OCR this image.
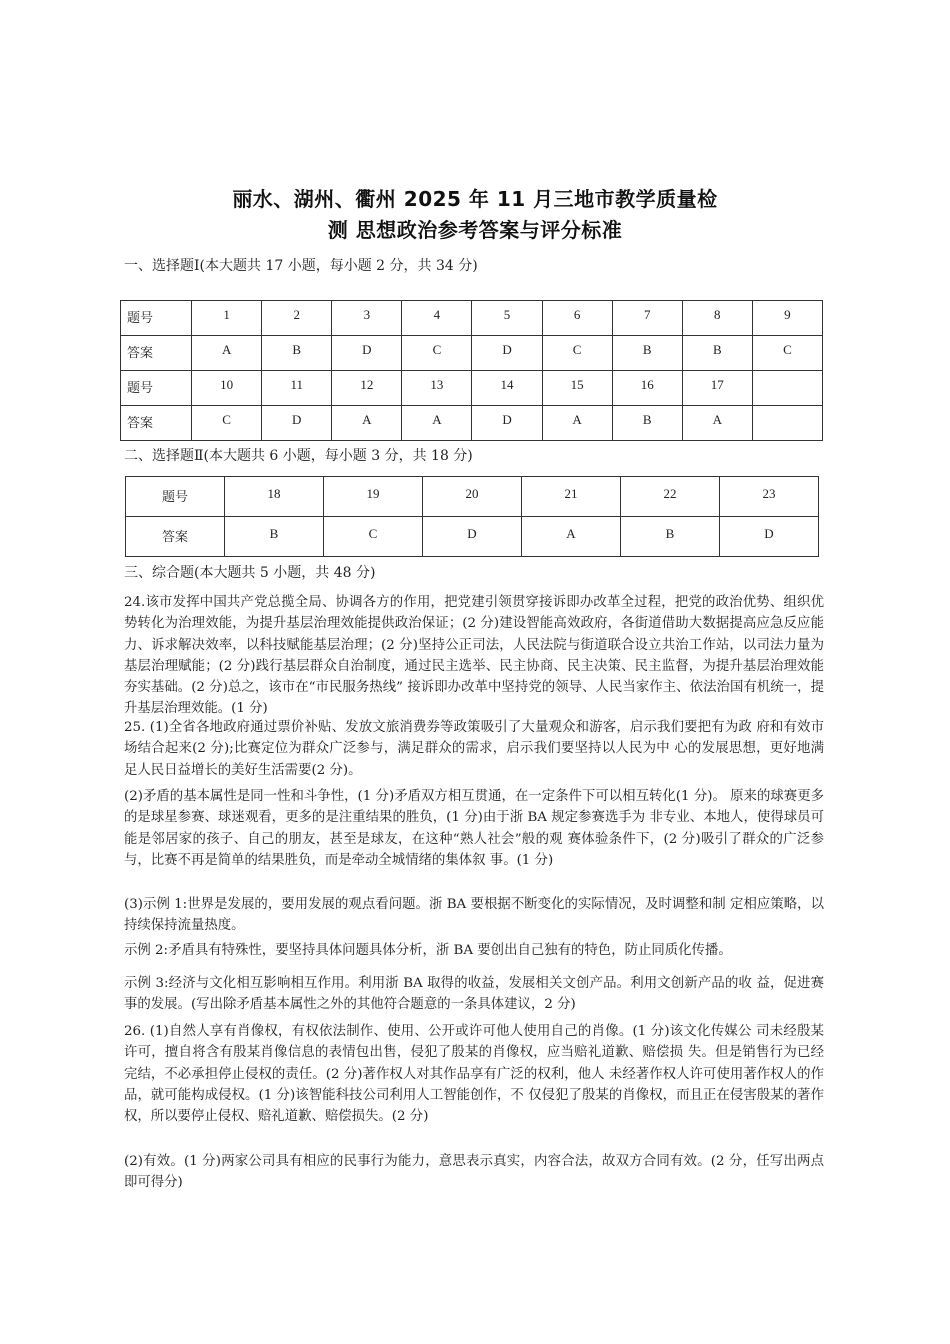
丽水、湖州、衢州 2025 年 11 月三地市教学质量检
测 思想政治参考答案与评分标准
一、选择题Ⅰ(本大题共 17 小题，每小题 2 分，共 34 分)
题号	1	2	3	4	5	6	7	8	9
答案	A	B	D	C	D	C	B	B	C
题号	10	11	12	13	14	15	16	17	
答案	C	D	A	A	D	A	B	A	
二、选择题Ⅱ(本大题共 6 小题，每小题 3 分，共 18 分)
题号	18	19	20	21	22	23
答案	B	C	D	A	B	D
三、综合题(本大题共 5 小题，共 48 分)
24.该市发挥中国共产党总揽全局、协调各方的作用，把党建引领贯穿接诉即办改革全过程，把党的政治优势、组织优势转化为治理效能，为提升基层治理效能提供政治保证；(2 分)建设智能高效政府，各街道借助大数据提高应急反应能力、诉求解决效率，以科技赋能基层治理；(2 分)坚持公正司法，人民法院与街道联合设立共治工作站，以司法力量为基层治理赋能；(2 分)践行基层群众自治制度，通过民主选举、民主协商、民主决策、民主监督，为提升基层治理效能夯实基础。(2 分)总之，该市在“市民服务热线” 接诉即办改革中坚持党的领导、人民当家作主、依法治国有机统一，提升基层治理效能。(1 分)
25. (1)全省各地政府通过票价补贴、发放文旅消费券等政策吸引了大量观众和游客，启示我们要把有为政 府和有效市场结合起来(2 分);比赛定位为群众广泛参与，满足群众的需求，启示我们要坚持以人民为中 心的发展思想，更好地满足人民日益增长的美好生活需要(2 分)。
(2)矛盾的基本属性是同一性和斗争性，(1 分)矛盾双方相互贯通，在一定条件下可以相互转化(1 分)。 原来的球赛更多的是球星参赛、球迷观看，更多的是注重结果的胜负，(1 分)由于浙 BA 规定参赛选手为 非专业、本地人，使得球员可能是邻居家的孩子、自己的朋友，甚至是球友，在这种“熟人社会”般的观 赛体验条件下，(2 分)吸引了群众的广泛参与，比赛不再是简单的结果胜负，而是牵动全城情绪的集体叙 事。(1 分)
(3)示例 1:世界是发展的，要用发展的观点看问题。浙 BA 要根据不断变化的实际情况，及时调整和制 定相应策略，以持续保持流量热度。
示例 2:矛盾具有特殊性，要坚持具体问题具体分析，浙 BA 要创出自己独有的特色，防止同质化传播。
示例 3:经济与文化相互影响相互作用。利用浙 BA 取得的收益，发展相关文创产品。利用文创新产品的收 益，促进赛事的发展。(写出除矛盾基本属性之外的其他符合题意的一条具体建议，2 分)
26. (1)自然人享有肖像权，有权依法制作、使用、公开或许可他人使用自己的肖像。(1 分)该文化传媒公 司未经殷某许可，擅自将含有殷某肖像信息的表情包出售，侵犯了殷某的肖像权，应当赔礼道歉、赔偿损 失。但是销售行为已经完结，不必承担停止侵权的责任。(2 分)著作权人对其作品享有广泛的权利，他人 未经著作权人许可使用著作权人的作品，就可能构成侵权。(1 分)该智能科技公司利用人工智能创作，不 仅侵犯了殷某的肖像权，而且正在侵害殷某的著作权，所以要停止侵权、赔礼道歉、赔偿损失。(2 分)
(2)有效。(1 分)两家公司具有相应的民事行为能力，意思表示真实，内容合法，故双方合同有效。(2 分，任写出两点即可得分)
